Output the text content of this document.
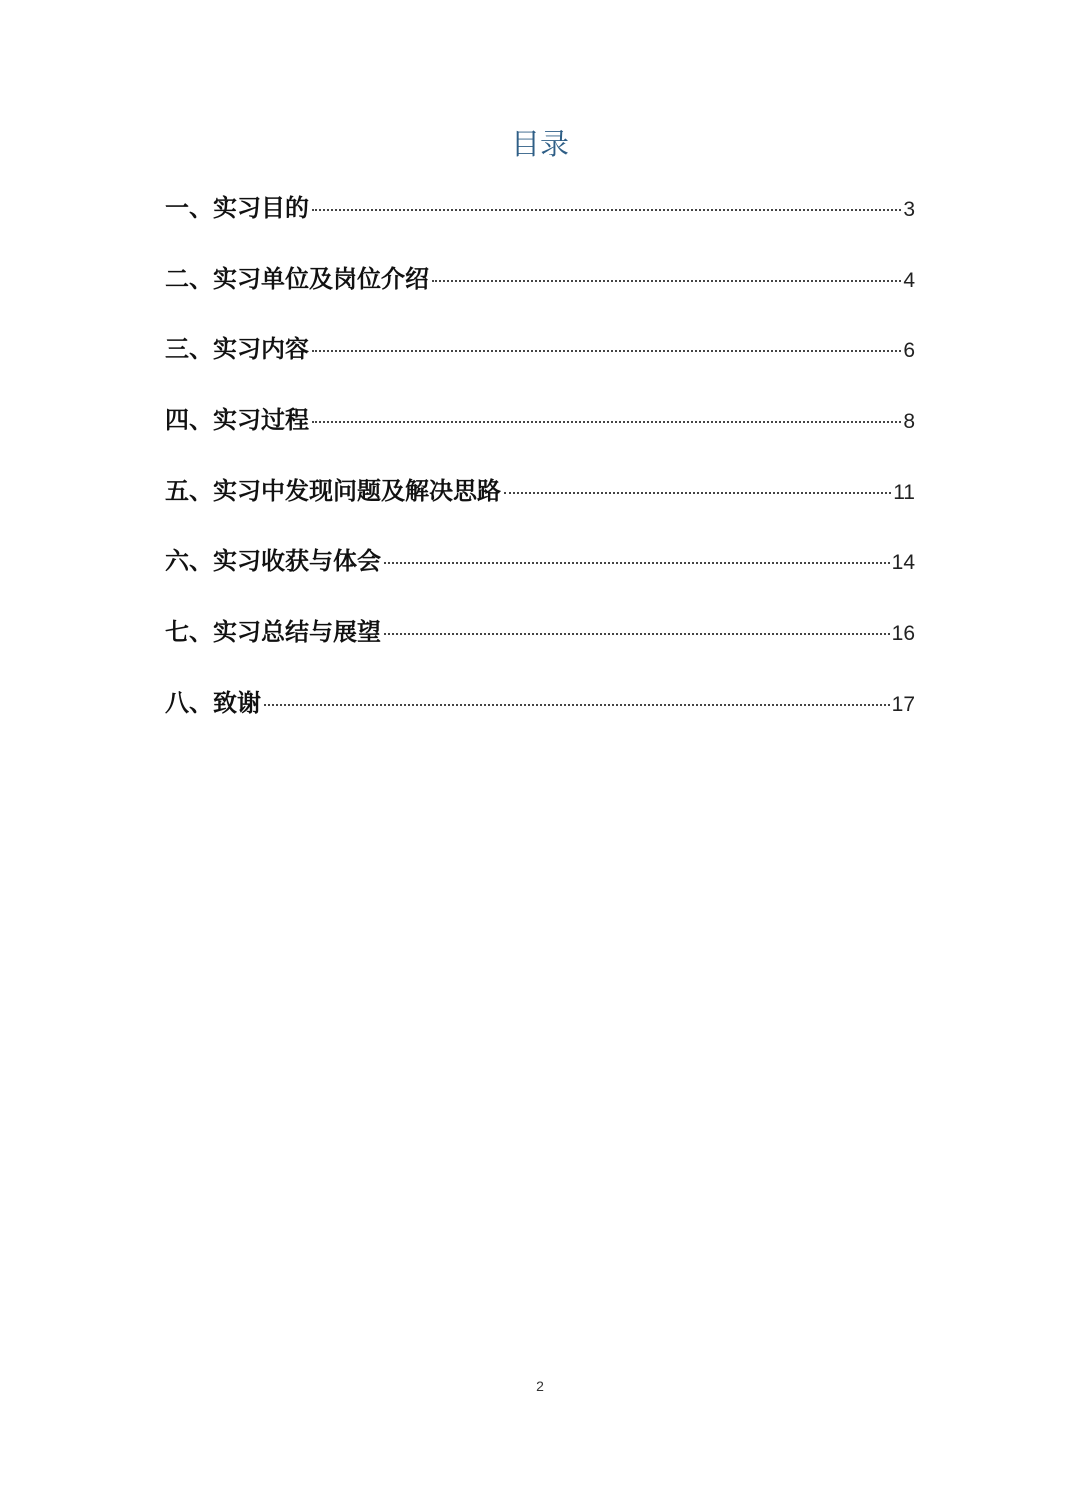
目录
一、实习目的	3
二、实习单位及岗位介绍	4
三、实习内容	6
四、实习过程	8
五、实习中发现问题及解决思路	11
六、实习收获与体会	14
七、实习总结与展望	16
八、致谢	17
2
